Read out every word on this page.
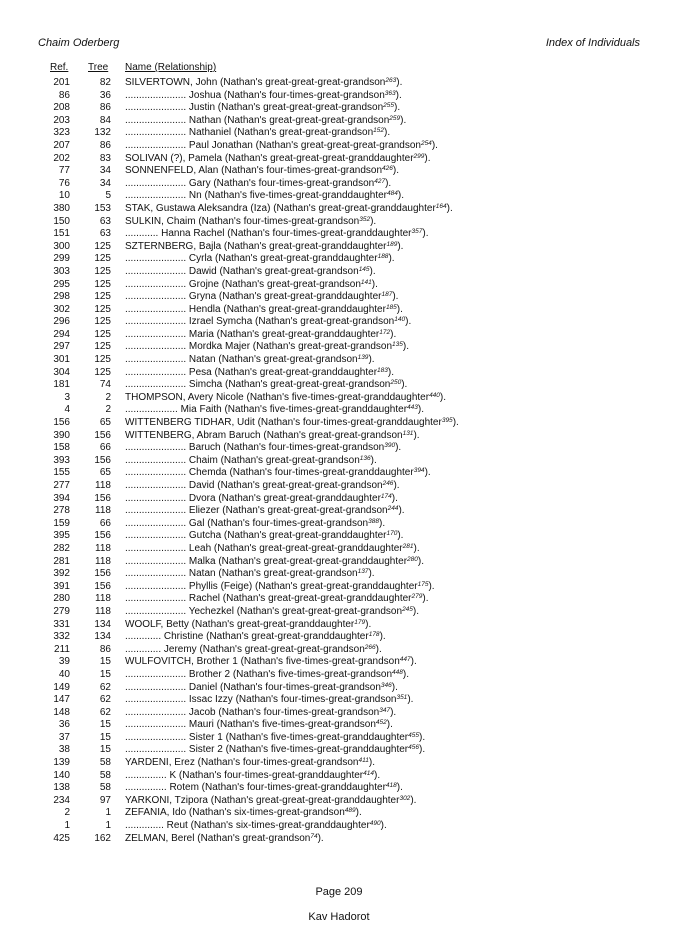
Chaim Oderberg	Index of Individuals
Ref. Tree Name (Relationship)
201	82 SILVERTOWN, John (Nathan's great-great-great-grandson$^{263}$).
86	36 ...................... Joshua (Nathan's four-times-great-grandson$^{363}$).
208	86 ...................... Justin (Nathan's great-great-great-grandson$^{255}$).
203	84 ...................... Nathan (Nathan's great-great-great-grandson$^{259}$).
323 132 ...................... Nathaniel (Nathan's great-great-grandson$^{152}$).
207	86 ...................... Paul Jonathan (Nathan's great-great-great-grandson$^{254}$).
202	83 SOLIVAN (?), Pamela (Nathan's great-great-great-granddaughter$^{299}$).
77	34 SONNENFELD, Alan (Nathan's four-times-great-grandson$^{426}$).
76	34 ...................... Gary (Nathan's four-times-great-grandson$^{427}$).
10	5 ...................... Nn (Nathan's five-times-great-granddaughter$^{484}$).
380 153 STAK, Gustawa Aleksandra (Iza) (Nathan's great-great-granddaughter$^{164}$).
150	63 SULKIN, Chaim (Nathan's four-times-great-grandson$^{352}$).
151	63 ............ Hanna Rachel (Nathan's four-times-great-granddaughter$^{357}$).
300 125 SZTERNBERG, Bajla (Nathan's great-great-granddaughter$^{189}$).
299 125 ...................... Cyrla (Nathan's great-great-granddaughter$^{188}$).
303 125 ...................... Dawid (Nathan's great-great-grandson$^{145}$).
295 125 ...................... Grojne (Nathan's great-great-grandson$^{141}$).
298 125 ...................... Gryna (Nathan's great-great-granddaughter$^{187}$).
302 125 ...................... Hendla (Nathan's great-great-granddaughter$^{185}$).
296 125 ...................... Izrael Symcha (Nathan's great-great-grandson$^{140}$).
294 125 ...................... Maria (Nathan's great-great-granddaughter$^{172}$).
297 125 ...................... Mordka Majer (Nathan's great-great-grandson$^{135}$).
301 125 ...................... Natan (Nathan's great-great-grandson$^{139}$).
304 125 ...................... Pesa (Nathan's great-great-granddaughter$^{183}$).
181	74 ...................... Simcha (Nathan's great-great-great-grandson$^{250}$).
3	2 THOMPSON, Avery Nicole (Nathan's five-times-great-granddaughter$^{440}$).
4	2 ................... Mia Faith (Nathan's five-times-great-granddaughter$^{443}$).
156	65 WITTENBERG TIDHAR, Udit (Nathan's four-times-great-granddaughter$^{395}$).
390 156 WITTENBERG, Abram Baruch (Nathan's great-great-grandson$^{131}$).
158	66 ...................... Baruch (Nathan's four-times-great-grandson$^{390}$).
393 156 ...................... Chaim (Nathan's great-great-grandson$^{136}$).
155	65 ...................... Chemda (Nathan's four-times-great-granddaughter$^{394}$).
277	118 ...................... David (Nathan's great-great-great-grandson$^{246}$).
394 156 ...................... Dvora (Nathan's great-great-granddaughter$^{174}$).
278	118 ...................... Eliezer (Nathan's great-great-great-grandson$^{244}$).
159	66 ...................... Gal (Nathan's four-times-great-grandson$^{388}$).
395 156 ...................... Gutcha (Nathan's great-great-granddaughter$^{170}$).
282	118 ...................... Leah (Nathan's great-great-great-granddaughter$^{281}$).
281	118 ...................... Malka (Nathan's great-great-great-granddaughter$^{280}$).
392 156 ...................... Natan (Nathan's great-great-grandson$^{137}$).
391 156 ...................... Phyllis (Feige) (Nathan's great-great-granddaughter$^{175}$).
280	118 ...................... Rachel (Nathan's great-great-great-granddaughter$^{279}$).
279	118 ...................... Yechezkel (Nathan's great-great-great-grandson$^{245}$).
331 134 WOOLF, Betty (Nathan's great-great-granddaughter$^{179}$).
332 134 ............. Christine (Nathan's great-great-granddaughter$^{178}$).
211	86 ............. Jeremy (Nathan's great-great-great-grandson$^{266}$).
39	15 WULFOVITCH, Brother 1 (Nathan's five-times-great-grandson$^{447}$).
40	15 ...................... Brother 2 (Nathan's five-times-great-grandson$^{448}$).
149	62 ...................... Daniel (Nathan's four-times-great-grandson$^{346}$).
147	62 ...................... Issac Izzy (Nathan's four-times-great-grandson$^{351}$).
148	62 ...................... Jacob (Nathan's four-times-great-grandson$^{347}$).
36	15 ...................... Mauri (Nathan's five-times-great-grandson$^{452}$).
37	15 ...................... Sister 1 (Nathan's five-times-great-granddaughter$^{455}$).
38	15 ...................... Sister 2 (Nathan's five-times-great-granddaughter$^{456}$).
139	58 YARDENI, Erez (Nathan's four-times-great-grandson$^{411}$).
140	58 ............... K (Nathan's four-times-great-granddaughter$^{414}$).
138	58 ............... Rotem (Nathan's four-times-great-granddaughter$^{418}$).
234	97 YARKONI, Tzipora (Nathan's great-great-great-granddaughter$^{302}$).
2	1 ZEFANIA, Ido (Nathan's six-times-great-grandson$^{489}$).
1	1 .............. Reut (Nathan's six-times-great-granddaughter$^{490}$).
425 162 ZELMAN, Berel (Nathan's great-grandson$^{74}$).
Page 209
Kav Hadorot
